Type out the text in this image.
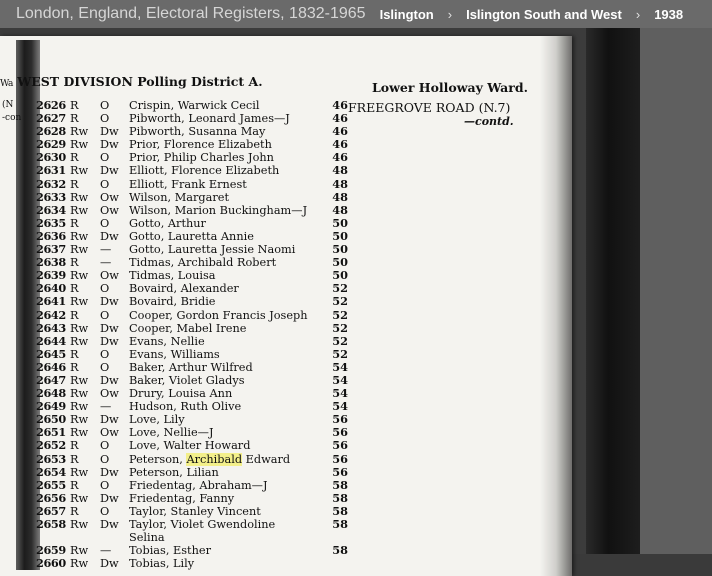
London, England, Electoral Registers, 1832-1965	Islington	›	Islington South and West	›	1938
Wa WEST DIVISION Polling District A.	Lower Holloway Ward.
(N
-con
FREEGROVE ROAD (N.7)
—contd.
2626 R O Crispin, Warwick Cecil	46
2627 R O Pibworth, Leonard James—J	46
2628 Rw Dw Pibworth, Susanna May	46
2629 Rw Dw Prior, Florence Elizabeth	46
2630 R O Prior, Philip Charles John	46
2631 Rw Dw Elliott, Florence Elizabeth	48
2632 R O Elliott, Frank Ernest	48
2633 Rw Ow Wilson, Margaret	48
2634 Rw Ow Wilson, Marion Buckingham—J	48
2635 R O Gotto, Arthur	50
2636 Rw Dw Gotto, Lauretta Annie	50
2637 Rw — Gotto, Lauretta Jessie Naomi	50
2638 R — Tidmas, Archibald Robert	50
2639 Rw Ow Tidmas, Louisa	50
2640 R O Bovaird, Alexander	52
2641 Rw Dw Bovaird, Bridie	52
2642 R O Cooper, Gordon Francis Joseph	52
2643 Rw Dw Cooper, Mabel Irene	52
2644 Rw Dw Evans, Nellie	52
2645 R O Evans, Williams	52
2646 R O Baker, Arthur Wilfred	54
2647 Rw Dw Baker, Violet Gladys	54
2648 Rw Ow Drury, Louisa Ann	54
2649 Rw — Hudson, Ruth Olive	54
2650 Rw Dw Love, Lily	56
2651 Rw Ow Love, Nellie—J	56
2652 R O Love, Walter Howard	56
2653 R O Peterson, Archibald Edward	56
2654 Rw Dw Peterson, Lilian	56
2655 R O Friedentag, Abraham—J	58
2656 Rw Dw Friedentag, Fanny	58
2657 R O Taylor, Stanley Vincent	58
2658 Rw Dw Taylor, Violet Gwendoline	58
Selina
2659 Rw — Tobias, Esther	58
2660 Rw Dw Tobias, Lily
